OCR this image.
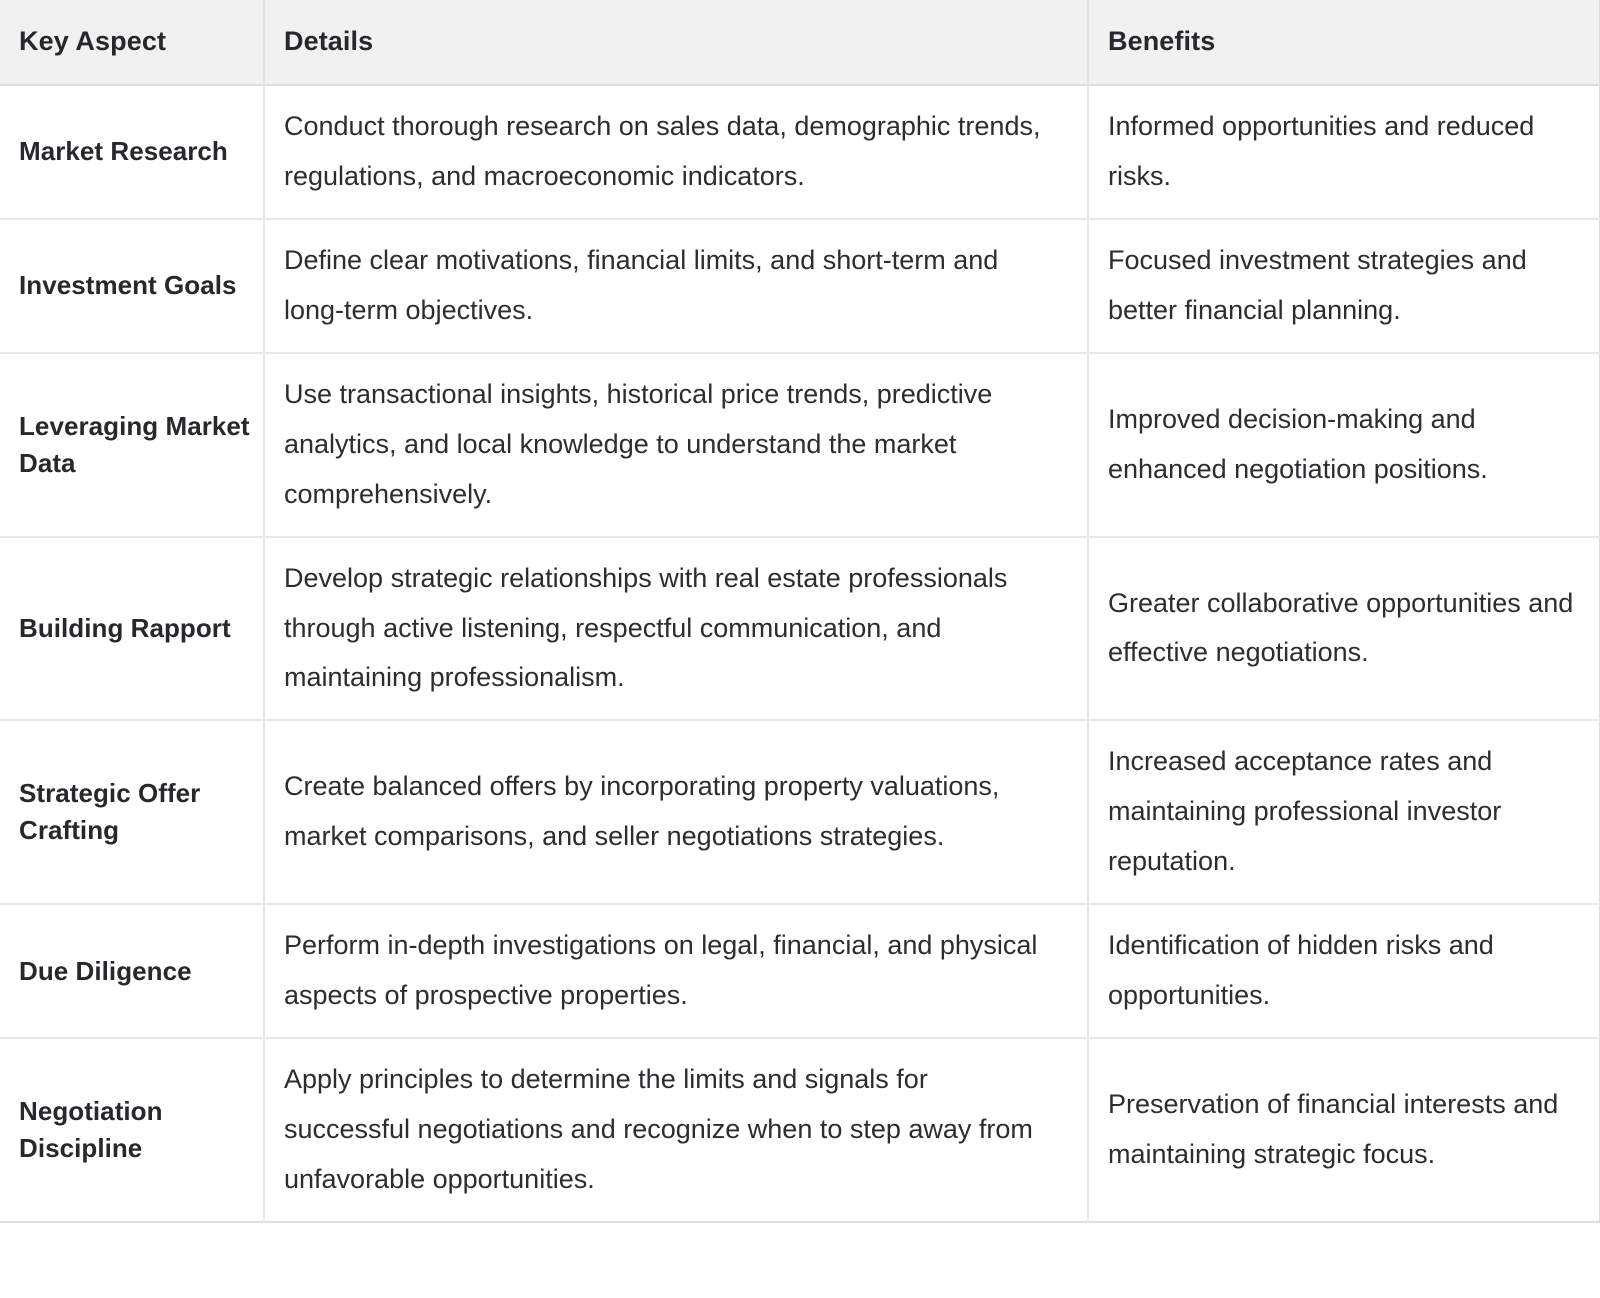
Key Aspect	Details	Benefits
Market Research	Conduct thorough research on sales data, demographic trends, regulations, and macroeconomic indicators.	Informed opportunities and reduced risks.
Investment Goals	Define clear motivations, financial limits, and short-term and long-term objectives.	Focused investment strategies and better financial planning.
Leveraging Market Data	Use transactional insights, historical price trends, predictive analytics, and local knowledge to understand the market comprehensively.	Improved decision-making and enhanced negotiation positions.
Building Rapport	Develop strategic relationships with real estate professionals through active listening, respectful communication, and maintaining professionalism.	Greater collaborative opportunities and effective negotiations.
Strategic Offer Crafting	Create balanced offers by incorporating property valuations, market comparisons, and seller negotiations strategies.	Increased acceptance rates and maintaining professional investor reputation.
Due Diligence	Perform in-depth investigations on legal, financial, and physical aspects of prospective properties.	Identification of hidden risks and opportunities.
Negotiation Discipline	Apply principles to determine the limits and signals for successful negotiations and recognize when to step away from unfavorable opportunities.	Preservation of financial interests and maintaining strategic focus.
